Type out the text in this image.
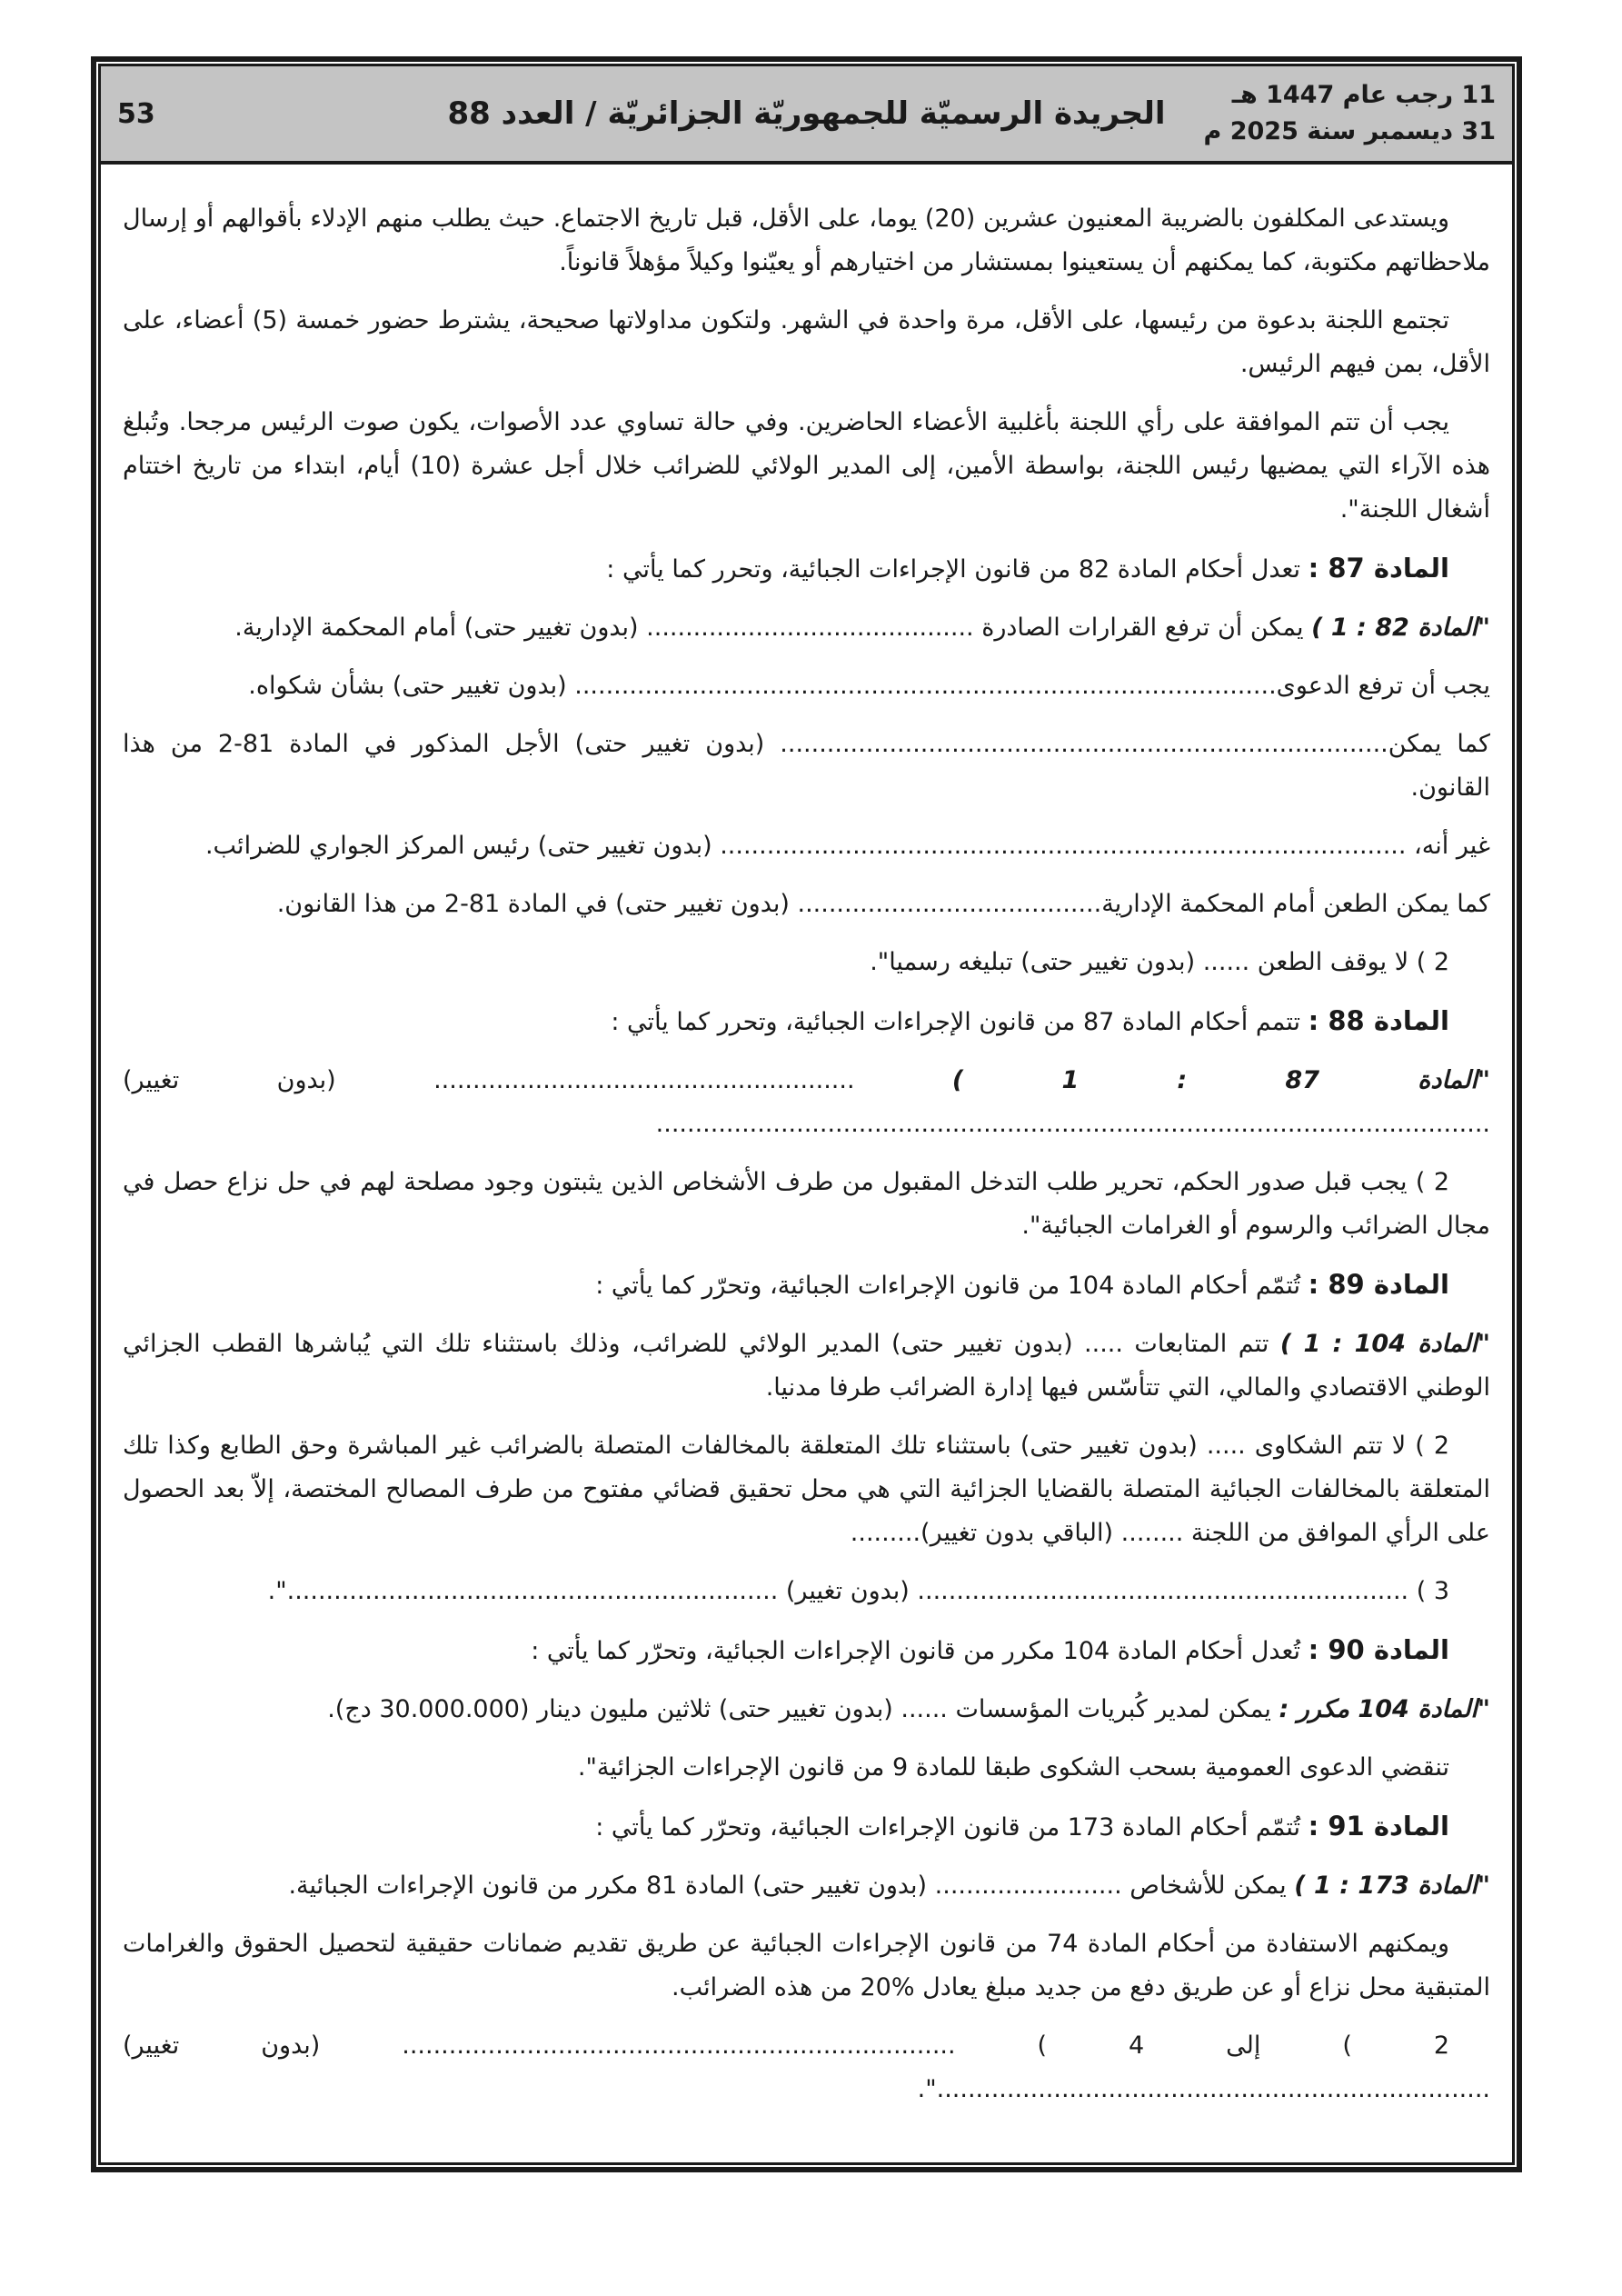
11 رجب عام 1447 هـ
31 ديسمبر سنة 2025 م
الجريدة الرسميّة للجمهوريّة الجزائريّة / العدد 88
53

ويستدعى المكلفون بالضريبة المعنيون عشرين (20) يوما، على الأقل، قبل تاريخ الاجتماع. حيث يطلب منهم الإدلاء بأقوالهم أو إرسال ملاحظاتهم مكتوبة، كما يمكنهم أن يستعينوا بمستشار من اختيارهم أو يعيّنوا وكيلاً مؤهلاً قانوناً.

تجتمع اللجنة بدعوة من رئيسها، على الأقل، مرة واحدة في الشهر. ولتكون مداولاتها صحيحة، يشترط حضور خمسة (5) أعضاء، على الأقل، بمن فيهم الرئيس.

يجب أن تتم الموافقة على رأي اللجنة بأغلبية الأعضاء الحاضرين. وفي حالة تساوي عدد الأصوات، يكون صوت الرئيس مرجحا. وتُبلغ هذه الآراء التي يمضيها رئيس اللجنة، بواسطة الأمين، إلى المدير الولائي للضرائب خلال أجل عشرة (10) أيام، ابتداء من تاريخ اختتام أشغال اللجنة".

المادة 87 : تعدل أحكام المادة 82 من قانون الإجراءات الجبائية، وتحرر كما يأتي :

"المادة 82 : 1 ) يمكن أن ترفع القرارات الصادرة .......................................... (بدون تغيير حتى) أمام المحكمة الإدارية.

يجب أن ترفع الدعوى.......................................................................................... (بدون تغيير حتى) بشأن شكواه.

كما يمكن.............................................................................. (بدون تغيير حتى) الأجل المذكور في المادة 81-2 من هذا القانون.

غير أنه، ........................................................................................ (بدون تغيير حتى) رئيس المركز الجواري للضرائب.

كما يمكن الطعن أمام المحكمة الإدارية....................................... (بدون تغيير حتى) في المادة 81-2 من هذا القانون.

2 ) لا يوقف الطعن ...... (بدون تغيير حتى) تبليغه رسميا".

المادة 88 : تتمم أحكام المادة 87 من قانون الإجراءات الجبائية، وتحرر كما يأتي :

"المادة 87 : 1 ) ...................................................... (بدون تغيير) ...........................................................................................................

2 ) يجب قبل صدور الحكم، تحرير طلب التدخل المقبول من طرف الأشخاص الذين يثبتون وجود مصلحة لهم في حل نزاع حصل في مجال الضرائب والرسوم أو الغرامات الجبائية".

المادة 89 : تُتمّم أحكام المادة 104 من قانون الإجراءات الجبائية، وتحرّر كما يأتي :

"المادة 104 : 1 ) تتم المتابعات ..... (بدون تغيير حتى) المدير الولائي للضرائب، وذلك باستثناء تلك التي يُباشرها القطب الجزائي الوطني الاقتصادي والمالي، التي تتأسّس فيها إدارة الضرائب طرفا مدنيا.

2 ) لا تتم الشكاوى ..... (بدون تغيير حتى) باستثناء تلك المتعلقة بالمخالفات المتصلة بالضرائب غير المباشرة وحق الطابع وكذا تلك المتعلقة بالمخالفات الجبائية المتصلة بالقضايا الجزائية التي هي محل تحقيق قضائي مفتوح من طرف المصالح المختصة، إلاّ بعد الحصول على الرأي الموافق من اللجنة ........ (الباقي بدون تغيير).........

3 ) ............................................................... (بدون تغيير) ...............................................................".

المادة 90 : تُعدل أحكام المادة 104 مكرر من قانون الإجراءات الجبائية، وتحرّر كما يأتي :

"المادة 104 مكرر : يمكن لمدير كُبريات المؤسسات ...... (بدون تغيير حتى) ثلاثين مليون دينار (30.000.000 دج).

تنقضي الدعوى العمومية بسحب الشكوى طبقا للمادة 9 من قانون الإجراءات الجزائية".

المادة 91 : تُتمّم أحكام المادة 173 من قانون الإجراءات الجبائية، وتحرّر كما يأتي :

"المادة 173 : 1 ) يمكن للأشخاص ........................ (بدون تغيير حتى) المادة 81 مكرر من قانون الإجراءات الجبائية.

ويمكنهم الاستفادة من أحكام المادة 74 من قانون الإجراءات الجبائية عن طريق تقديم ضمانات حقيقية لتحصيل الحقوق والغرامات المتبقية محل نزاع أو عن طريق دفع من جديد مبلغ يعادل %20 من هذه الضرائب.

2 ) إلى 4 ) ....................................................................... (بدون تغيير) .......................................................................".
